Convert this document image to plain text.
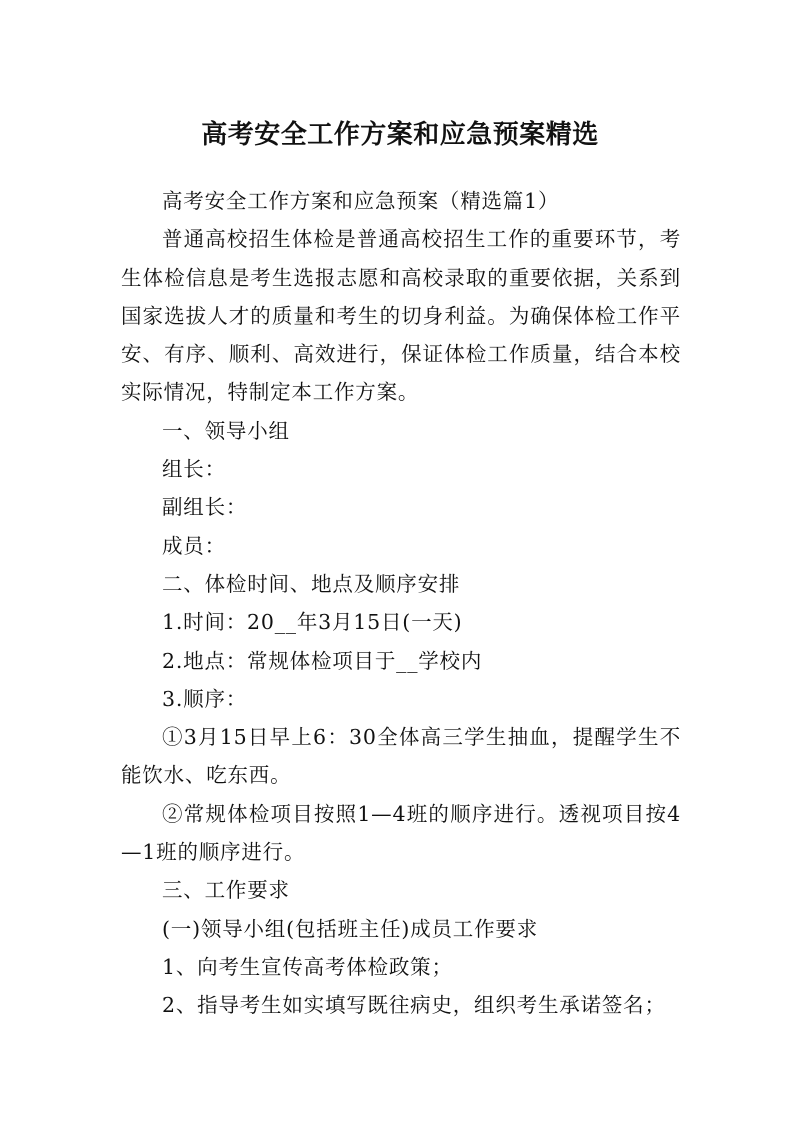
高考安全工作方案和应急预案精选

高考安全工作方案和应急预案（精选篇1）

普通高校招生体检是普通高校招生工作的重要环节，考生体检信息是考生选报志愿和高校录取的重要依据，关系到国家选拔人才的质量和考生的切身利益。为确保体检工作平安、有序、顺利、高效进行，保证体检工作质量，结合本校实际情况，特制定本工作方案。

一、领导小组

组长：

副组长：

成员：

二、体检时间、地点及顺序安排

1.时间：20__年3月15日(一天)

2.地点：常规体检项目于__学校内

3.顺序：

①3月15日早上6：30全体高三学生抽血，提醒学生不能饮水、吃东西。

②常规体检项目按照1—4班的顺序进行。透视项目按4—1班的顺序进行。

三、工作要求

(一)领导小组(包括班主任)成员工作要求

1、向考生宣传高考体检政策；

2、指导考生如实填写既往病史，组织考生承诺签名；
